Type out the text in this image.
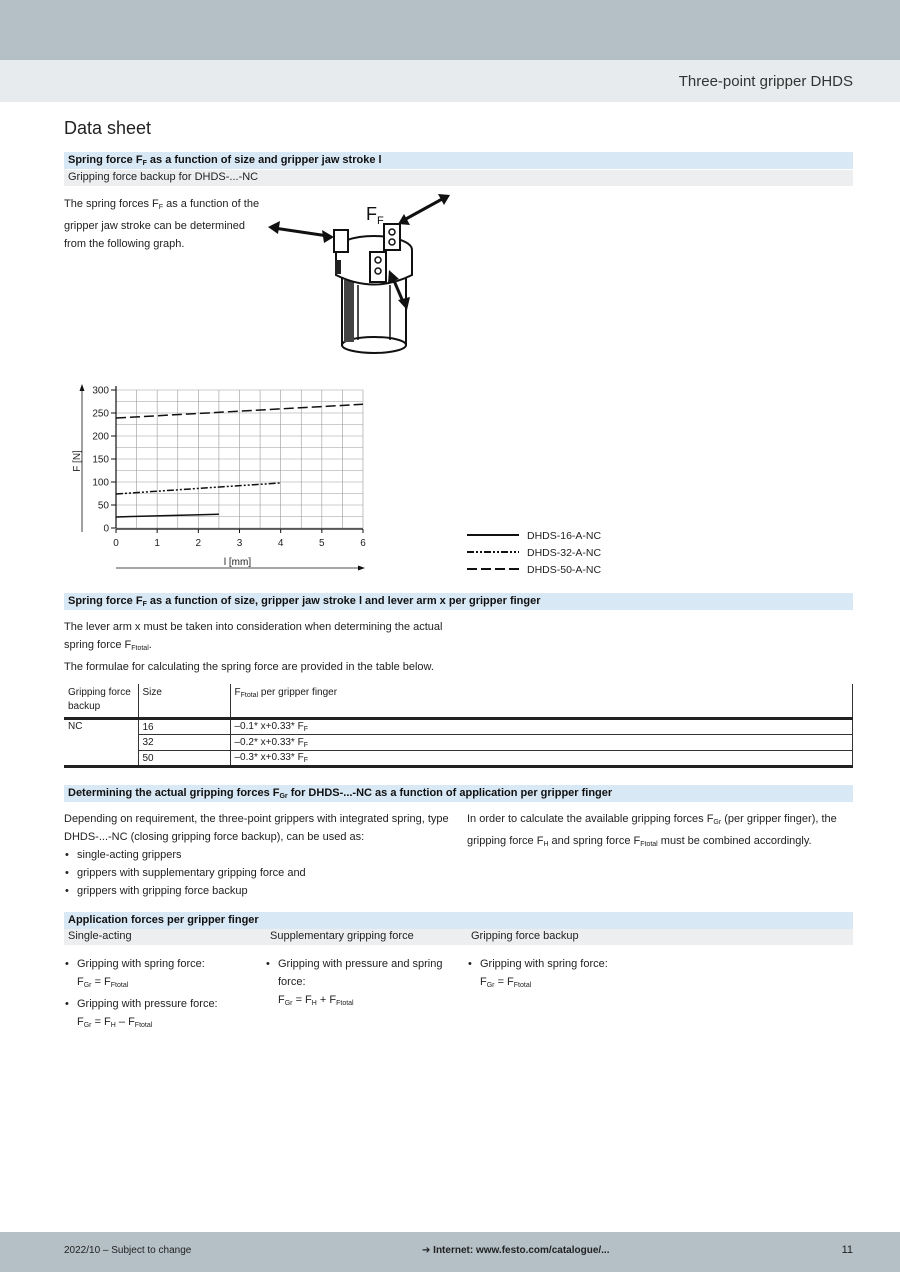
Three-point gripper DHDS
Data sheet
Spring force $F_F$ as a function of size and gripper jaw stroke l
Gripping force backup for DHDS-...-NC
The spring forces $F_F$ as a function of the
gripper jaw stroke can be determined
from the following graph.
$F_F$
0	1	2	3	4	5	6
0
50
100
150
200
250
300
F [N]
l [mm]
DHDS-16-A-NC
DHDS-32-A-NC
DHDS-50-A-NC
Spring force $F_F$ as a function of size, gripper jaw stroke l and lever arm x per gripper finger
The lever arm x must be taken into consideration when determining the actual
spring force $F_{Ftotal}$.
The formulae for calculating the spring force are provided in the table below.
Gripping force backup	Size	$F_{Ftotal}$ per gripper finger
NC	16	–0.1* x+0.33* $F_F$
	32	–0.2* x+0.33* $F_F$
	50	–0.3* x+0.33* $F_F$
Determining the actual gripping forces $F_{Gr}$ for DHDS-...-NC as a function of application per gripper finger
Depending on requirement, the three-point grippers with integrated spring, type
DHDS-...-NC (closing gripping force backup), can be used as:
• single-acting grippers
• grippers with supplementary gripping force and
• grippers with gripping force backup
In order to calculate the available gripping forces $F_{Gr}$ (per gripper finger), the
gripping force $F_H$ and spring force $F_{Ftotal}$ must be combined accordingly.
Application forces per gripper finger
Single-acting	Supplementary gripping force	Gripping force backup
• Gripping with spring force:
$F_{Gr} = F_{Ftotal}$
• Gripping with pressure force:
$F_{Gr} = F_H - F_{Ftotal}$
• Gripping with pressure and spring
force:
$F_{Gr} = F_H + F_{Ftotal}$
• Gripping with spring force:
$F_{Gr} = F_{Ftotal}$
2022/10 – Subject to change	➔ Internet: www.festo.com/catalogue/...	11
